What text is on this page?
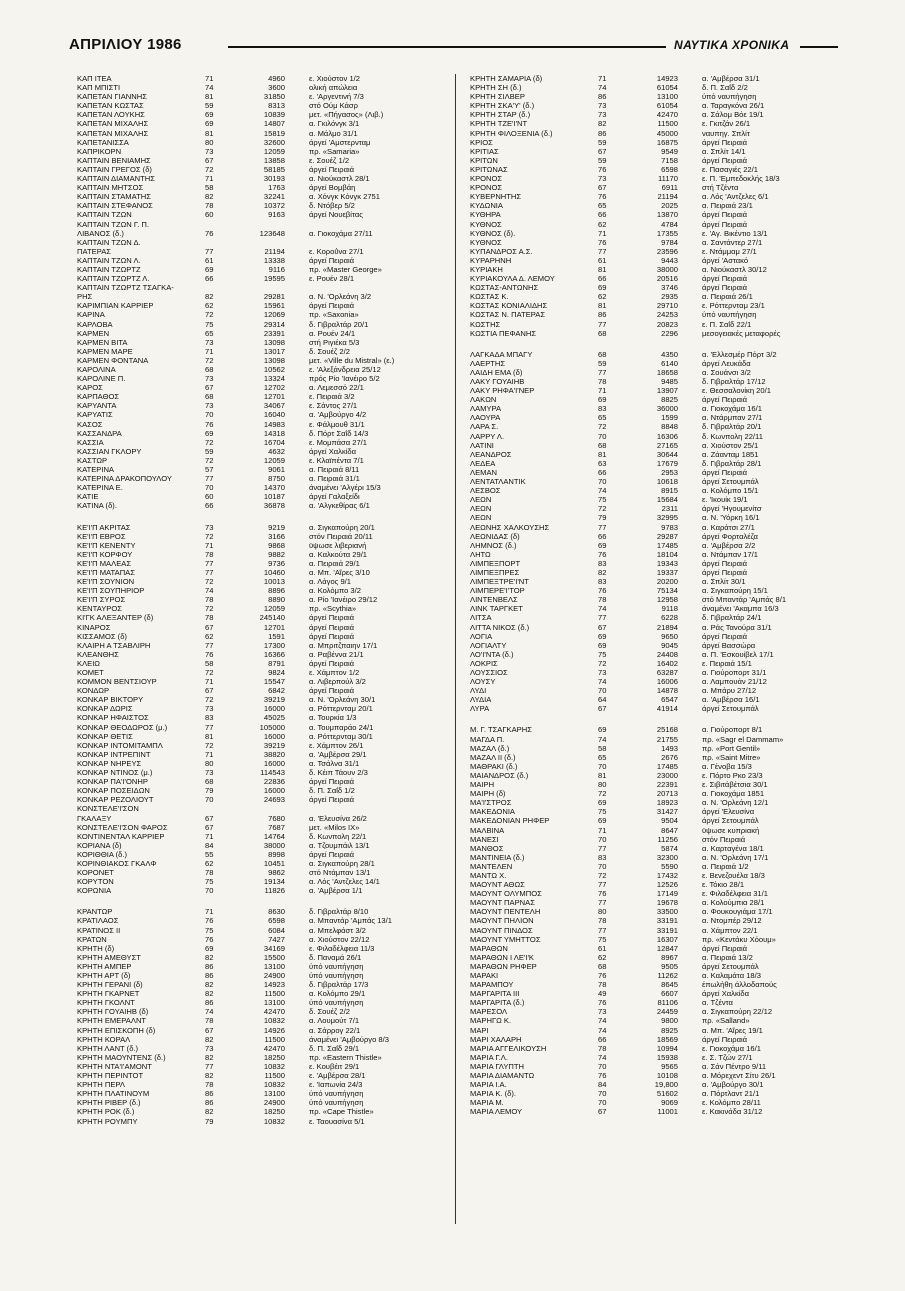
ΑΠΡΙΛΙΟΥ 1986	ΝΑΥΤΙΚΑ ΧΡΟΝΙΚΑ
ΚΑΠ ΙΤΕΑ	71	4960	ε. Χιούστον 1/2
ΚΑΠ ΜΠΙΣΤΙ	74	3600	ολική απώλεια
ΚΑΠΕΤΑΝ ΓΙΑΝΝΗΣ	81	31850	ε. 'Αργεντινή 7/3
ΚΑΠΕΤΑΝ ΚΩΣΤΑΣ	59	8313	στό Ούμ Κάσρ
ΚΑΠΕΤΑΝ ΛΟΥΚΗΣ	69	10839	μετ. «Πήγασος» (Λιβ.)
ΚΑΠΕΤΑΝ ΜΙΧΑΛΗΣ	69	14807	α. Γκιλόνγκ 3/1
ΚΑΠΕΤΑΝ ΜΙΧΑΛΗΣ	81	15819	α. Μάλμο 31/1
ΚΑΠΕΤΑΝΙΣΣΑ	80	32600	άργεί 'Αμστερνταμ
ΚΑΠΡΙΚΟΡΝ	73	12059	πρ. «Samaria»
ΚΑΠΤΑΙΝ ΒΕΝΙΑΜΗΣ	67	13858	ε. Σουέζ 1/2
ΚΑΠΤΑΙΝ ΓΡΕΓΟΣ (δ)	72	58185	άργεί Πειραιά
ΚΑΠΤΑΙΝ ΔΙΑΜΑΝΤΗΣ	71	30193	α. Νιούκαστλ 28/1
ΚΑΠΤΑΙΝ ΜΗΤΣΟΣ	58	1763	άργεί Βομβάη
ΚΑΠΤΑΙΝ ΣΤΑΜΑΤΗΣ	82	32241	α. Χόνγκ Κόνγκ 2751
ΚΑΠΤΑΙΝ ΣΤΕΦΑΝΟΣ	78	10372	δ. Ντόβερ 5/2
ΚΑΠΤΑΙΝ ΤΖΩΝ	60	9163	άργεί Νουεβίτας
ΚΑΠΤΑΙΝ ΤΖΩΝ Γ. Π.
ΛΙΒΑΝΟΣ (δ.)	76	123648	α. Γιοκοχάμα 27/11
ΚΑΠΤΑΙΝ ΤΖΩΝ Δ.
ΠΑΤΕΡΑΣ	77	21194	ε. Κοροΰνα 27/1
ΚΑΠΤΑΙΝ ΤΖΩΝ Λ.	61	13338	άργεί Πειραιά
ΚΑΠΤΑΙΝ ΤΖΩΡΤΖ	69	9116	πρ. «Master George»
ΚΑΠΤΑΙΝ ΤΖΩΡΤΖ Λ.	66	19595	ε. Ρουέν 28/1
ΚΑΠΤΑΙΝ ΤΖΩΡΤΖ ΤΣΑΓΚΑ-
ΡΗΣ	82	29281	α. Ν. 'Ορλεάνη 3/2
ΚΑΡΙΜΠΙΑΝ ΚΑΡΡΙΕΡ	62	15961	άργεί Πειραιά
ΚΑΡΙΝΑ	72	12069	πρ. «Saxonia»
ΚΑΡΛΟΒΑ	75	29314	δ. Γιβραλτάρ 20/1
ΚΑΡΜΕΝ	65	23391	α. Ρουέν 24/1
ΚΑΡΜΕΝ ΒΙΤΑ	73	13098	στή Ριγιέκα 5/3
ΚΑΡΜΕΝ ΜΑΡΕ	71	13017	δ. Σουέζ 2/2
ΚΑΡΜΕΝ ΦΟΝΤΑΝΑ	72	13098	μετ. «Ville du Mistral» (ε.)
ΚΑΡΟΛΙΝΑ	68	10562	ε. 'Αλεξάνδρεια 25/12
ΚΑΡΟΛΙΝΕ Π.	73	13324	πρός Ρίο 'Ιανέιρο 5/2
ΚΑΡΟΣ	67	12702	α. Λεμεσσό 22/1
ΚΑΡΠΑΘΟΣ	68	12701	ε. Πειραιά 3/2
ΚΑΡΥΑΝΤΑ	73	34067	ε. Σάντος 27/1
ΚΑΡΥΑΤΙΣ	70	16040	α. 'Αμβούργο 4/2
ΚΑΣΟΣ	76	14983	ε. Φάλμουθ 31/1
ΚΑΣΣΑΝΔΡΑ	69	14318	δ. Πόρτ Σαΐδ 14/3
ΚΑΣΣΙΑ	72	16704	ε. Μομπάσα 27/1
ΚΑΣΣΙΑΝ ΓΚΛΟΡΥ	59	4632	άργεί Χαλκίδα
ΚΑΣΤΩΡ	72	12059	ε. Κλαϊπέντα 7/1
ΚΑΤΕΡΙΝΑ	57	9061	α. Πειραιά 8/11
ΚΑΤΕΡΙΝΑ ΔΡΑΚΟΠΟΥΛΟΥ	77	8750	α. Πειραιά 31/1
ΚΑΤΕΡΙΝΑ Ε.	70	14370	άναμένει 'Αλγέρι 15/3
ΚΑΤΙΕ	60	10187	άργεί Γαλαξείδι
ΚΑΤΙΝΑ (δ).	66	36878	α. 'Αλγκεθίρας 6/1
ΚΕ'Ι'Π ΑΚΡΙΤΑΣ	73	9219	α. Σιγκαπούρη 20/1
ΚΕ'Ι'Π ΕΒΡΟΣ	72	3166	στόν Πειραιά 20/11
ΚΕ'Ι'Π ΚΕΝΕΝΤΥ	71	9868	ϋψωσε λιβεριανή
ΚΕ'Ι'Π ΚΟΡΦΟΥ	78	9882	α. Καλκούτα 29/1
ΚΕ'Ι'Π ΜΑΛΕΑΣ	77	9736	α. Πειραιά 29/1
ΚΕ'Ι'Π ΜΑΤΑΠΑΣ	77	10460	α. Μπ. 'Αΐρες 3/10
ΚΕ'Ι'Π ΣΟΥΝΙΟΝ	72	10013	α. Λάγος 9/1
ΚΕ'Ι'Π ΣΟΥΠΗΡΙΟΡ	74	8896	α. Κολόμπο 3/2
ΚΕ'Ι'Π ΣΥΡΟΣ	78	8890	α. Ρίο 'Ιανέιρο 29/12
ΚΕΝΤΑΥΡΟΣ	72	12059	πρ. «Scythia»
ΚΙ'ΓΚ ΑΛΕΞΑΝΤΕΡ (δ)	78	245140	άργεί Πειραιά
ΚΙΝΑΡΟΣ	67	12701	άργεί Πειραιά
ΚΙΣΣΑΜΟΣ (δ)	62	1591	άργεί Πειραιά
ΚΛΑΙΡΗ Α ΤΣΑΒΛΙΡΗ	77	17300	α. Μπριτζπαιην 17/1
ΚΛΕΑΝΘΗΣ	76	16366	α. Ραβέννα 21/1
ΚΛΕΙΩ	58	8791	άργεί Πειραιά
ΚΟΜΕΤ	72	9824	ε. Χάμπτον 1/2
ΚΟΜΜΟΝ ΒΕΝΤΣΙΟΥΡ	71	15547	α. Λιβερπούλ 3/2
ΚΟΝΔΩΡ	67	6842	άργεί Πειραιά
ΚΟΝΚΑΡ ΒΙΚΤΟΡΥ	72	39219	α. Ν. 'Ορλεάνη 30/1
ΚΟΝΚΑΡ ΔΩΡΙΣ	73	16000	α. Ρόττερνταμ 20/1
ΚΟΝΚΑΡ ΗΦΑΙΣΤΟΣ	83	45025	α. Τουρκία 1/3
ΚΟΝΚΑΡ ΘΕΟΔΩΡΟΣ (μ.)	77	105000	α. Τουμπαράο 24/1
ΚΟΝΚΑΡ ΘΕΤΙΣ	81	16000	α. Ρόττερνταμ 30/1
ΚΟΝΚΑΡ ΙΝΤΟΜΙΤΑΜΠΛ	72	39219	ε. Χάμπτον 26/1
ΚΟΝΚΑΡ ΙΝΤΡΕΠΙΝΤ	71	38820	α. 'Αμβέρσα 29/1
ΚΟΝΚΑΡ ΝΗΡΕΥΣ	80	16000	α. Τσάλνα 31/1
ΚΟΝΚΑΡ ΝΤΙΝΟΣ (μ.)	73	114543	δ. Κέιπ Τάουν 2/3
ΚΟΝΚΑΡ ΠΑ'Ι'ΟΝΗΡ	68	22836	άργεί Πειραιά
ΚΟΝΚΑΡ ΠΟΣΕΙΔΩΝ	79	16000	δ. Π. Σαΐδ 1/2
ΚΟΝΚΑΡ ΡΕΖΟΛΙΟΥΤ	70	24693	άργεί Πειραιά
ΚΟΝΣΤΕΛΕ'Ι'ΣΟΝ
ΓΚΑΛΑΞΥ	67	7680	α. 'Ελευσίνα 26/2
ΚΟΝΣΤΕΛΕ'Ι'ΣΟΝ ΦΑΡΟΣ	67	7687	μετ. «Milos IX»
ΚΟΝΤΙΝΕΝΤΑΛ ΚΑΡΡΙΕΡ	71	14764	δ. Κωνπολη 22/1
ΚΟΡΙΑΝΑ (δ)	84	38000	α. Τζουμπάιλ 13/1
ΚΟΡΙΘΘΙΑ (δ.)	55	8998	άργεί Πειραιά
ΚΟΡΙΝΘΙΑΚΟΣ ΓΚΑΛΦ	62	10451	α. Σιγκαπούρη 28/1
ΚΟΡΟΝΕΤ	78	9862	στό Ντάμπαν 13/1
ΚΟΡΥΤΟΝ	75	19134	α. Λός 'Αντζελες 14/1
ΚΟΡΩΝΙΑ	70	11826	α. 'Αμβέρσα 1/1
ΚΡΑΝΤΩΡ	71	8630	δ. Γιβραλτάρ 8/10
ΚΡΑΤΙΛΑΟΣ	76	6598	α. Μπαντάρ 'Αμπάς 13/1
ΚΡΑΤΙΝΟΣ ΙΙ	75	6084	α. Μπελφάστ 3/2
ΚΡΑΤΩΝ	76	7427	α. Χιούστον 22/12
ΚΡΗΤΗ (δ)	69	34169	ε. Φιλαδέλφεια 11/3
ΚΡΗΤΗ ΑΜΕΘΥΣΤ	82	15500	δ. Παναμά 26/1
ΚΡΗΤΗ ΑΜΠΕΡ	86	13100	ύπό ναυπήγηση
ΚΡΗΤΗ ΑΡΤ (δ)	86	24900	ύπό ναυπήγηση
ΚΡΗΤΗ ΓΕΡΑΝΙ (δ)	82	14923	δ. Γιβραλτάρ 17/3
ΚΡΗΤΗ ΓΚΑΡΝΕΤ	82	11500	α. Κολόμπο 29/1
ΚΡΗΤΗ ΓΚΟΛΝΤ	86	13100	ύπό ναυπήγηση
ΚΡΗΤΗ ΓΟΥΑΙΗΒ (δ)	74	42470	δ. Σουέζ 2/2
ΚΡΗΤΗ ΕΜΕΡΑΛΝΤ	78	10832	α. Λουμούτ 7/1
ΚΡΗΤΗ ΕΠΙΣΚΟΠΗ (δ)	67	14926	α. Σάρρογ 22/1
ΚΡΗΤΗ ΚΟΡΑΛ	82	11500	άναμένει 'Αμβούργο 8/3
ΚΡΗΤΗ ΛΑΝΤ (δ.)	73	42470	δ. Π. Σαΐδ 29/1
ΚΡΗΤΗ ΜΑΟΥΝΤΕΝΣ (δ.)	82	18250	πρ. «Eastern Thistle»
ΚΡΗΤΗ ΝΤΑ'Ι'ΑΜΟΝΤ	77	10832	ε. Κουβέιτ 29/1
ΚΡΗΤΗ ΠΕΡΙΝΤΟΤ	82	11500	ε. 'Αμβέρσα 28/1
ΚΡΗΤΗ ΠΕΡΛ	78	10832	ε. 'Ιαπωνία 24/3
ΚΡΗΤΗ ΠΛΑΤΙΝΟΥΜ	86	13100	ύπό ναυπήγηση
ΚΡΗΤΗ ΡΙΒΕΡ (δ.)	86	24900	ύπό ναυπήγηση
ΚΡΗΤΗ ΡΟΚ (δ.)	82	18250	πρ. «Cape Thistle»
ΚΡΗΤΗ ΡΟΥΜΠΥ	79	10832	ε. Ταουασίνα 5/1
ΚΡΗΤΗ ΣΑΜΑΡΙΑ (δ)	71	14923	α. 'Αμβέρσα 31/1
ΚΡΗΤΗ ΣΗ (δ.)	74	61054	δ. Π. Σαΐδ 2/2
ΚΡΗΤΗ ΣΙΛΒΕΡ	86	13100	ύπό ναυπήγηση
ΚΡΗΤΗ ΣΚΑ'Υ' (δ.)	73	61054	α. Ταραγκόνα 26/1
ΚΡΗΤΗ ΣΤΑΡ (δ.)	73	42470	α. Σάλομ Βόε 19/1
ΚΡΗΤΗ ΤΖΕ'Ι'ΝΤ	82	11500	ε. Γκιτζάν 26/1
ΚΡΗΤΗ ΦΙΛΟΞΕΝΙΑ (δ.)	86	45000	ναυπηγ. Σπλίτ
ΚΡΙΟΣ	59	16875	άργεί Πειραιά
ΚΡΙΤΙΑΣ	67	9549	α. Σπλίτ 14/1
ΚΡΙΤΩΝ	59	7158	άργεί Πειραιά
ΚΡΙΤΩΝΑΣ	76	6598	ε. Πασαγιές 22/1
ΚΡΟΝΟΣ	73	11170	ε. Π. 'Εμπεδοκλής 18/3
ΚΡΟΝΟΣ	67	6911	στή Τζέντα
ΚΥΒΕΡΝΗΤΗΣ	76	21194	α. Λός 'Αντζελες 6/1
ΚΥΔΩΝΙΑ	65	2025	α. Πειραιά 23/1
ΚΥΘΗΡΑ	66	13870	άργεί Πειραιά
ΚΥΘΝΟΣ	62	4784	άργεί Πειραιά
ΚΥΘΝΟΣ (δ).	71	17355	ε. 'Αγ. Βικέντιο 13/1
ΚΥΘΝΟΣ	76	9784	α. Σαντάντερ 27/1
ΚΥΠΑΝΔΡΟΣ Α.Σ.	77	23596	ε. Ντάμμαμ 27/1
ΚΥΡΑΡΗΝΗ	61	9443	άργεί 'Αστακό
ΚΥΡΙΑΚΗ	81	38000	α. Νιούκαστλ 30/12
ΚΥΡΙΑΚΟΥΛΑ Δ. ΛΕΜΟΥ	66	20516	άργεί Πειραιά
ΚΩΣΤΑΣ-ΑΝΤΩΝΗΣ	69	3746	άργεί Πειραιά
ΚΩΣΤΑΣ Κ.	62	2935	α. Πειραιά 26/1
ΚΩΣΤΑΣ ΚΟΝΙΑΛΙΔΗΣ	81	29710	ε. Ρόττερνταμ 23/1
ΚΩΣΤΑΣ Ν. ΠΑΤΕΡΑΣ	86	24253	ύπό ναυπήγηση
ΚΩΣΤΗΣ	77	20823	ε. Π. Σαΐδ 22/1
ΚΩΣΤΙΑ ΠΕΦΑΝΗΣ	68	2296	μεσογειακές μεταφορές
ΛΑΓΚΑΔΑ ΜΠΑΓΥ	68	4350	α. 'Ελλεσμέρ Πόρτ 3/2
ΛΑΕΡΤΗΣ	59	6140	άργεί Λευκάδα
ΛΑΙΔΗ ΕΜΑ (δ)	77	18658	α. Σουάνσι 3/2
ΛΑΚΥ ΓΟΥΑΙΗΒ	78	9485	δ. Γιβραλτάρ 17/12
ΛΑΚΥ ΡΗΦΑ'Ι'ΝΕΡ	71	13907	ε. Θεσσαλονίκη 20/1
ΛΑΚΩΝ	69	8825	άργεί Πειραιά
ΛΑΜΥΡΑ	83	36000	α. Γιοκοχάμα 16/1
ΛΑΟΥΡΑ	65	1599	α. Ντάρμπαν 27/1
ΛΑΡΑ Σ.	72	8848	δ. Γιβραλτάρ 20/1
ΛΑΡΡΥ Λ.	70	16306	δ. Κωνπολη 22/11
ΛΑΤΙΝΙ	68	27165	α. Χιούστον 25/1
ΛΕΑΝΔΡΟΣ	81	30644	α. Ζάανταμ 1851
ΛΕΔΕΑ	63	17679	δ. Γιβραλτάρ 28/1
ΛΕΜΑΝ	66	2953	άργεί Πειραιά
ΛΕΝΤΑΤΛΑΝΤΙΚ	70	10618	άργεί Σετουμπάλ
ΛΕΣΒΟΣ	74	8915	α. Κολόμπο 15/1
ΛΕΩΝ	75	15684	ε. 'Ικουίκ 19/1
ΛΕΩΝ	72	2311	άργεί 'Ηγουμενίτσ
ΛΕΩΝ	79	32995	α. Ν. 'Υόρκη 16/1
ΛΕΩΝΗΣ ΧΑΛΚΟΥΣΗΣ	77	9783	α. Καράτσι 27/1
ΛΕΩΝΙΔΑΣ (δ)	66	29287	άργεί Φορταλέζα
ΛΗΜΝΟΣ (δ.)	69	17485	α. 'Αμβέρσα 2/2
ΛΗΤΩ	76	18104	α. Ντάμπαν 17/1
ΛΙΜΠΕΞΠΟΡΤ	83	19343	άργεί Πειραιά
ΛΙΜΠΕΞΠΡΕΣ	82	19337	άργεί Πειραιά
ΛΙΜΠΕΞΤΡΕ'Ι'ΝΤ	83	20200	α. Σπλίτ 30/1
ΛΙΜΠΕΡΕ'Ι'ΤΟΡ	76	75134	α. Σιγκαπούρη 15/1
ΛΙΝΤΕΝΒΕΛΣ	78	12958	στό Μπαντάρ 'Αμπάς 8/1
ΛΙΝΚ ΤΑΡΓΚΕΤ	74	9118	άναμένει 'Ακαμπα 16/3
ΛΙΤΣΑ	77	6228	δ. Γιβραλτάρ 24/1
ΛΙΤΤΑ ΝΙΚΟΣ (δ.)	67	21894	α. Ράς Τανούρα 31/1
ΛΟΓΙΑ	69	9650	άργεί Πειραιά
ΛΟΓΙΑΛΤΥ	69	9045	άργεί Βασσώρα
ΛΟ'Ι'ΝΤΑ (δ.)	75	24408	α. Π. 'Εσκουίβελ 17/1
ΛΟΚΡΙΣ	72	16402	ε. Πειραιά 15/1
ΛΟΥΣΣΙΟΣ	73	63287	α. Γιούροπορτ 31/1
ΛΟΥΣΥ	74	16006	α. Λαμπουάν 21/12
ΛΥΔΙ	70	14878	α. Μπάρυ 27/12
ΛΥΔΙΑ	64	6547	α. 'Αμβέρσα 16/1
ΛΥΡΑ	67	41914	άργεί Σετουμπάλ
Μ. Γ. ΤΣΑΓΚΑΡΗΣ	69	25168	α. Γιούροπορτ 8/1
ΜΑΓΔΑ Π.	74	21755	πρ. «Sagr el Dammam»
ΜΑΖΑΛ (δ.)	58	1493	πρ. «Port Gentil»
ΜΑΖΑΛ ΙΙ (δ.)	65	2676	πρ. «Saint Mitre»
ΜΑΘΡΑΚΙ (δ.)	70	17485	α. Γένοβα 15/3
ΜΑΙΑΝΔΡΟΣ (δ.)	81	23000	ε. Πόρτο Ρκο 23/3
ΜΑΙΡΗ	80	22391	ε. Σιβιτάβέτσια 30/1
ΜΑΙΡΗ (δ)	72	20713	α. Γιοκοχάμα 1851
ΜΑ'Ι'ΣΤΡΟΣ	69	18923	α. Ν. 'Ορλεάνη 12/1
ΜΑΚΕΔΟΝΙΑ	75	31427	άργεί 'Ελευσίνα
ΜΑΚΕΔΟΝΙΑΝ ΡΗΦΕΡ	69	9504	άργεί Σετουμπάλ
ΜΑΛΒΙΝΑ	71	8647	ϋψωσε κυπριακή
ΜΑΝΕΣΙ	70	11256	στόν Πειραιά
ΜΑΝΘΟΣ	77	5874	α. Καρταγένα 18/1
ΜΑΝΤΙΝΕΙΑ (δ.)	83	32300	α. Ν. 'Ορλεάνη 17/1
ΜΑΝΤΕΛΕΝ	70	5590	α. Πειραιά 1/2
ΜΑΝΤΩ Χ.	72	17432	ε. Βενεζουέλα 18/3
ΜΑΟΥΝΤ ΑΘΩΣ	77	12526	ε. Τόκιο 28/1
ΜΑΟΥΝΤ ΟΛΥΜΠΟΣ	76	17149	ε. Φιλαδέλφεια 31/1
ΜΑΟΥΝΤ ΠΑΡΝΑΣ	77	19678	α. Κολούμπια 28/1
ΜΑΟΥΝΤ ΠΕΝΤΕΛΗ	80	33500	α. Φουκουγιάμα 17/1
ΜΑΟΥΝΤ ΠΗΛΙΟΝ	78	33191	α. Ντομπέρ 29/12
ΜΑΟΥΝΤ ΠΙΝΔΟΣ	77	33191	α. Χάμπτον 22/1
ΜΑΟΥΝΤ ΥΜΗΤΤΟΣ	75	16307	πρ. «Κεντάκυ Χόουμ»
ΜΑΡΑΘΩΝ	61	12847	άργεί Πειραιά
ΜΑΡΑΘΩΝ Ι ΛΕ'Ι'Κ	62	8967	α. Πειραιά 13/2
ΜΑΡΑΘΩΝ ΡΗΦΕΡ	68	9505	άργεί Σετουμπάλ
ΜΑΡΑΚΙ	76	11262	α. Καλαμάτα 18/3
ΜΑΡΑΜΠΟΥ	78	8645	έπωλήθη άλλοδαπούς
ΜΑΡΓΑΡΙΤΑ ΙΙΙ	49	6607	άργεί Χαλκίδα
ΜΑΡΓΑΡΙΤΑ (δ.)	76	81106	α. Τζέντα
ΜΑΡΕΣΟΛ	73	24459	α. Σιγκαπούρη 22/12
ΜΑΡΗΓΩ Κ.	74	9800	πρ. «Salland»
ΜΑΡΙ	74	8925	α. Μπ. 'Αΐρες 19/1
ΜΑΡΙ ΧΑΛΑΡΗ	66	18569	άργεί Πειραιά
ΜΑΡΙΑ ΑΓΓΕΛΙΚΟΥΣΗ	78	10994	ε. Γιοκοχάμα 16/1
ΜΑΡΙΑ Γ.Λ.	74	15938	ε. Σ. Τζών 27/1
ΜΑΡΙΑ ΓΛΥΠΤΗ	70	9565	α. Σάν Πέντρο 9/11
ΜΑΡΙΑ ΔΙΑΜΑΝΤΩ	76	10108	α. Μόρεχεντ Σίτυ 26/1
ΜΑΡΙΑ Ι.Α.	84	19,800	α. 'Αμβούργο 30/1
ΜΑΡΙΑ Κ. (δ).	70	51602	α. Πόρτλαντ 21/1
ΜΑΡΙΑ Μ.	70	9069	ε. Κολόμπο 28/11
ΜΑΡΙΑ ΛΕΜΟΥ	67	11001	ε. Κακινάδα 31/12
